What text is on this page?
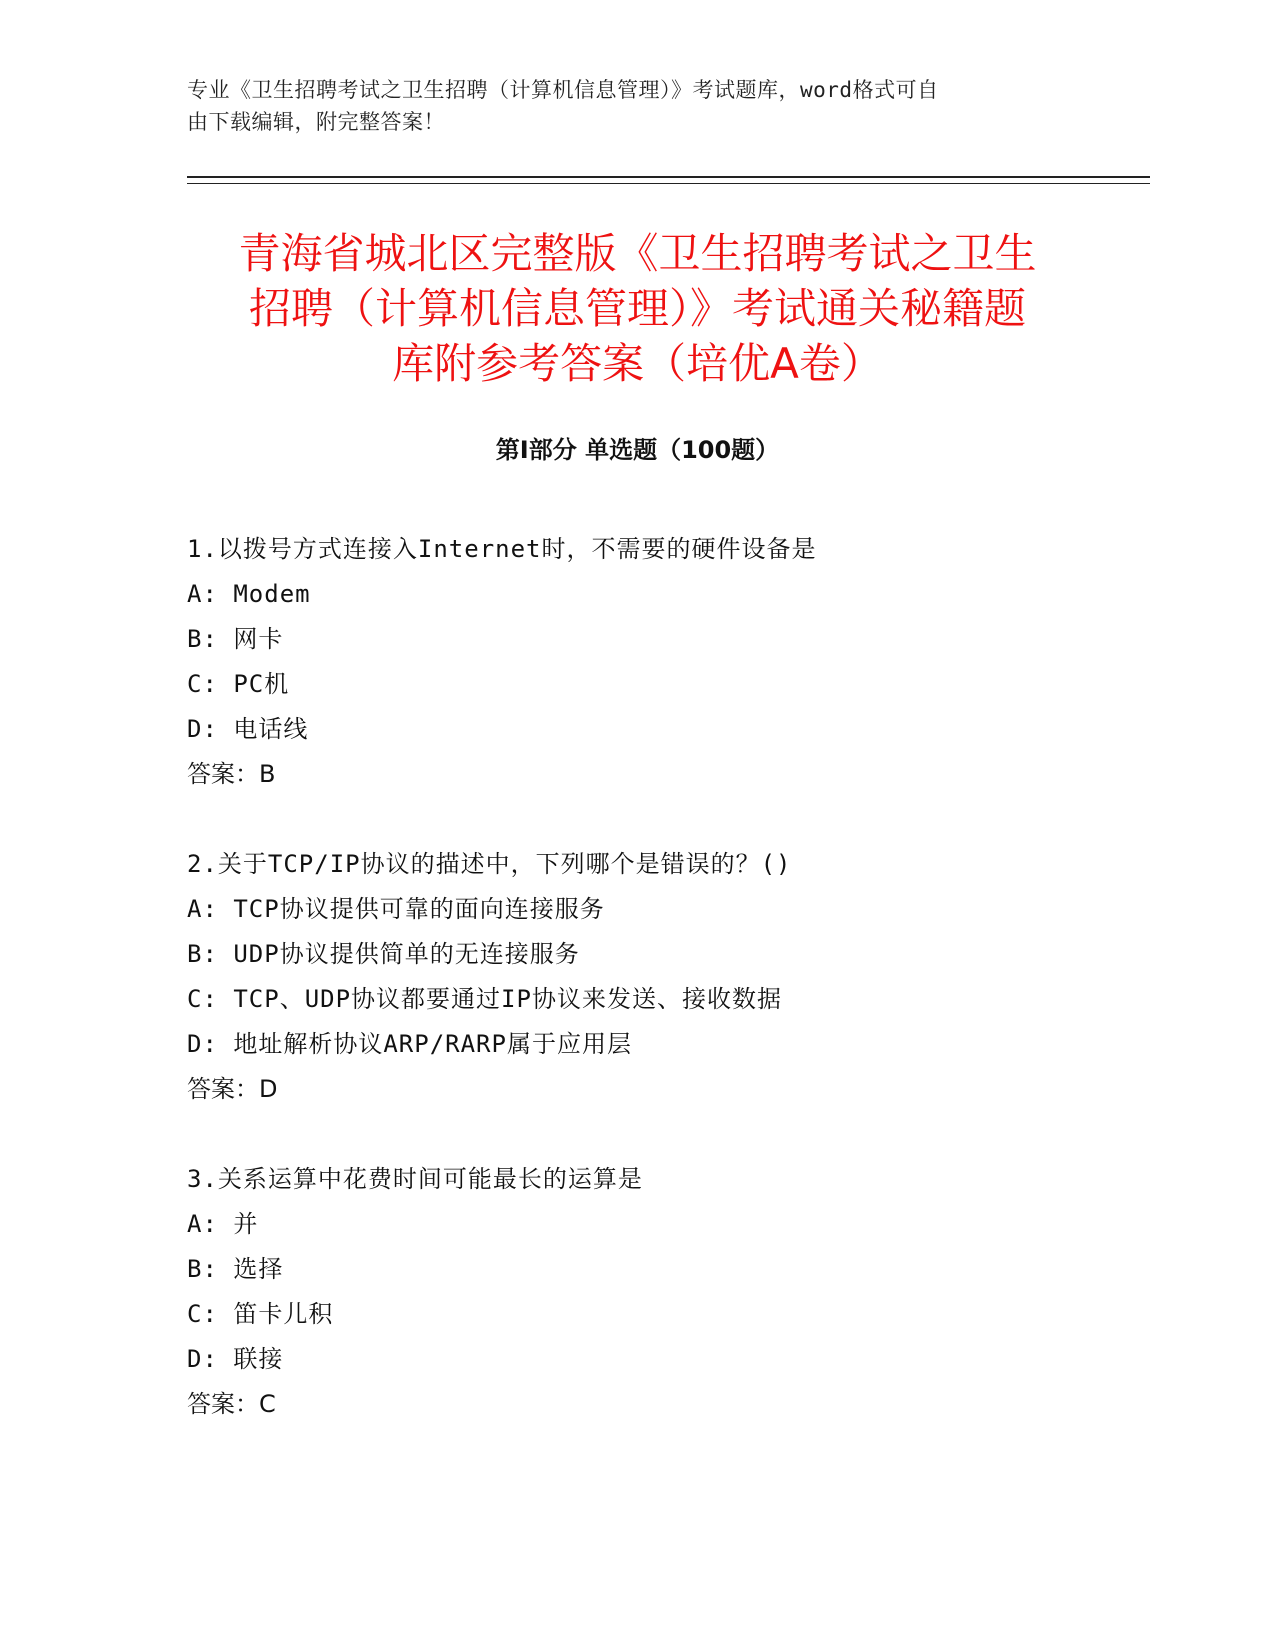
专业《卫生招聘考试之卫生招聘（计算机信息管理）》考试题库，word格式可自
由下载编辑，附完整答案！
青海省城北区完整版《卫生招聘考试之卫生
招聘（计算机信息管理）》考试通关秘籍题
库附参考答案（培优A卷）
第I部分 单选题（100题）
1.以拨号方式连接入Internet时，不需要的硬件设备是
A: Modem
B: 网卡
C: PC机
D: 电话线
答案：B
2.关于TCP/IP协议的描述中，下列哪个是错误的？()
A: TCP协议提供可靠的面向连接服务
B: UDP协议提供简单的无连接服务
C: TCP、UDP协议都要通过IP协议来发送、接收数据
D: 地址解析协议ARP/RARP属于应用层
答案：D
3.关系运算中花费时间可能最长的运算是
A: 并
B: 选择
C: 笛卡儿积
D: 联接
答案：C
